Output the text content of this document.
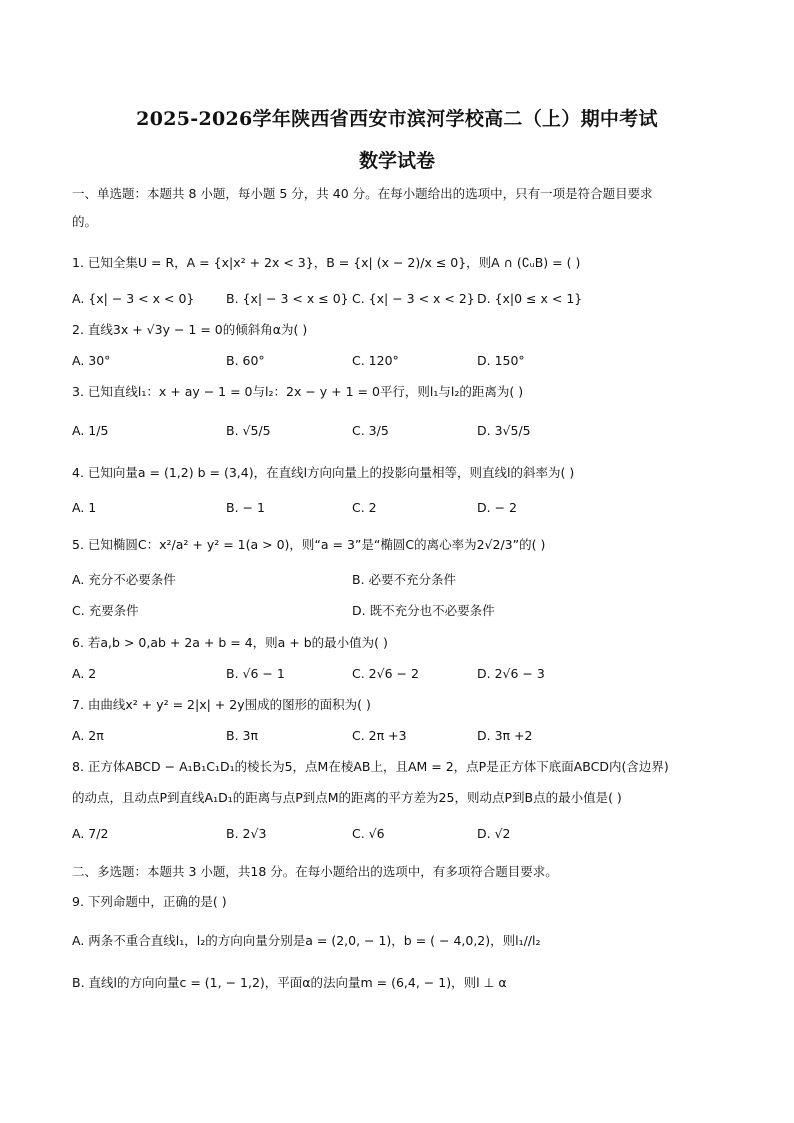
2025-2026学年陕西省西安市滨河学校高二（上）期中考试
数学试卷
一、单选题：本题共 8 小题，每小题 5 分，共 40 分。在每小题给出的选项中，只有一项是符合题目要求
的。
1. 已知全集U = R，A = {x|x² + 2x < 3}，B = {x| (x − 2)/x ≤ 0}，则A ∩ (∁ᵤB) = ( )
A. {x| − 3 < x < 0}	B. {x| − 3 < x ≤ 0} C. {x| − 3 < x < 2} D. {x|0 ≤ x < 1}
2. 直线3x + √3y − 1 = 0的倾斜角α为( )
A. 30°	B. 60°	C. 120°	D. 150°
3. 已知直线l₁：x + ay − 1 = 0与l₂：2x − y + 1 = 0平行，则l₁与l₂的距离为( )
A. 1/5	B. √5/5	C. 3/5	D. 3√5/5
4. 已知向量a = (1,2) b = (3,4)，在直线l方向向量上的投影向量相等，则直线l的斜率为( )
A. 1	B. − 1	C. 2	D. − 2
5. 已知椭圆C：x²/a² + y² = 1(a > 0)，则“a = 3”是“椭圆C的离心率为2√2/3”的( )
A. 充分不必要条件	B. 必要不充分条件
C. 充要条件	D. 既不充分也不必要条件
6. 若a,b > 0,ab + 2a + b = 4，则a + b的最小值为( )
A. 2	B. √6 − 1	C. 2√6 − 2	D. 2√6 − 3
7. 由曲线x² + y² = 2|x| + 2y围成的图形的面积为( )
A. 2π	B. 3π	C. 2π +3	D. 3π +2
8. 正方体ABCD − A₁B₁C₁D₁的棱长为5，点M在棱AB上，且AM = 2，点P是正方体下底面ABCD内(含边界)
的动点，且动点P到直线A₁D₁的距离与点P到点M的距离的平方差为25，则动点P到B点的最小值是( )
A. 7/2	B. 2√3	C. √6	D. √2
二、多选题：本题共 3 小题，共18 分。在每小题给出的选项中，有多项符合题目要求。
9. 下列命题中，正确的是( )
A. 两条不重合直线l₁，l₂的方向向量分别是a = (2,0, − 1)，b = ( − 4,0,2)，则l₁//l₂
B. 直线l的方向向量c = (1, − 1,2)，平面α的法向量m = (6,4, − 1)，则l ⊥ α
